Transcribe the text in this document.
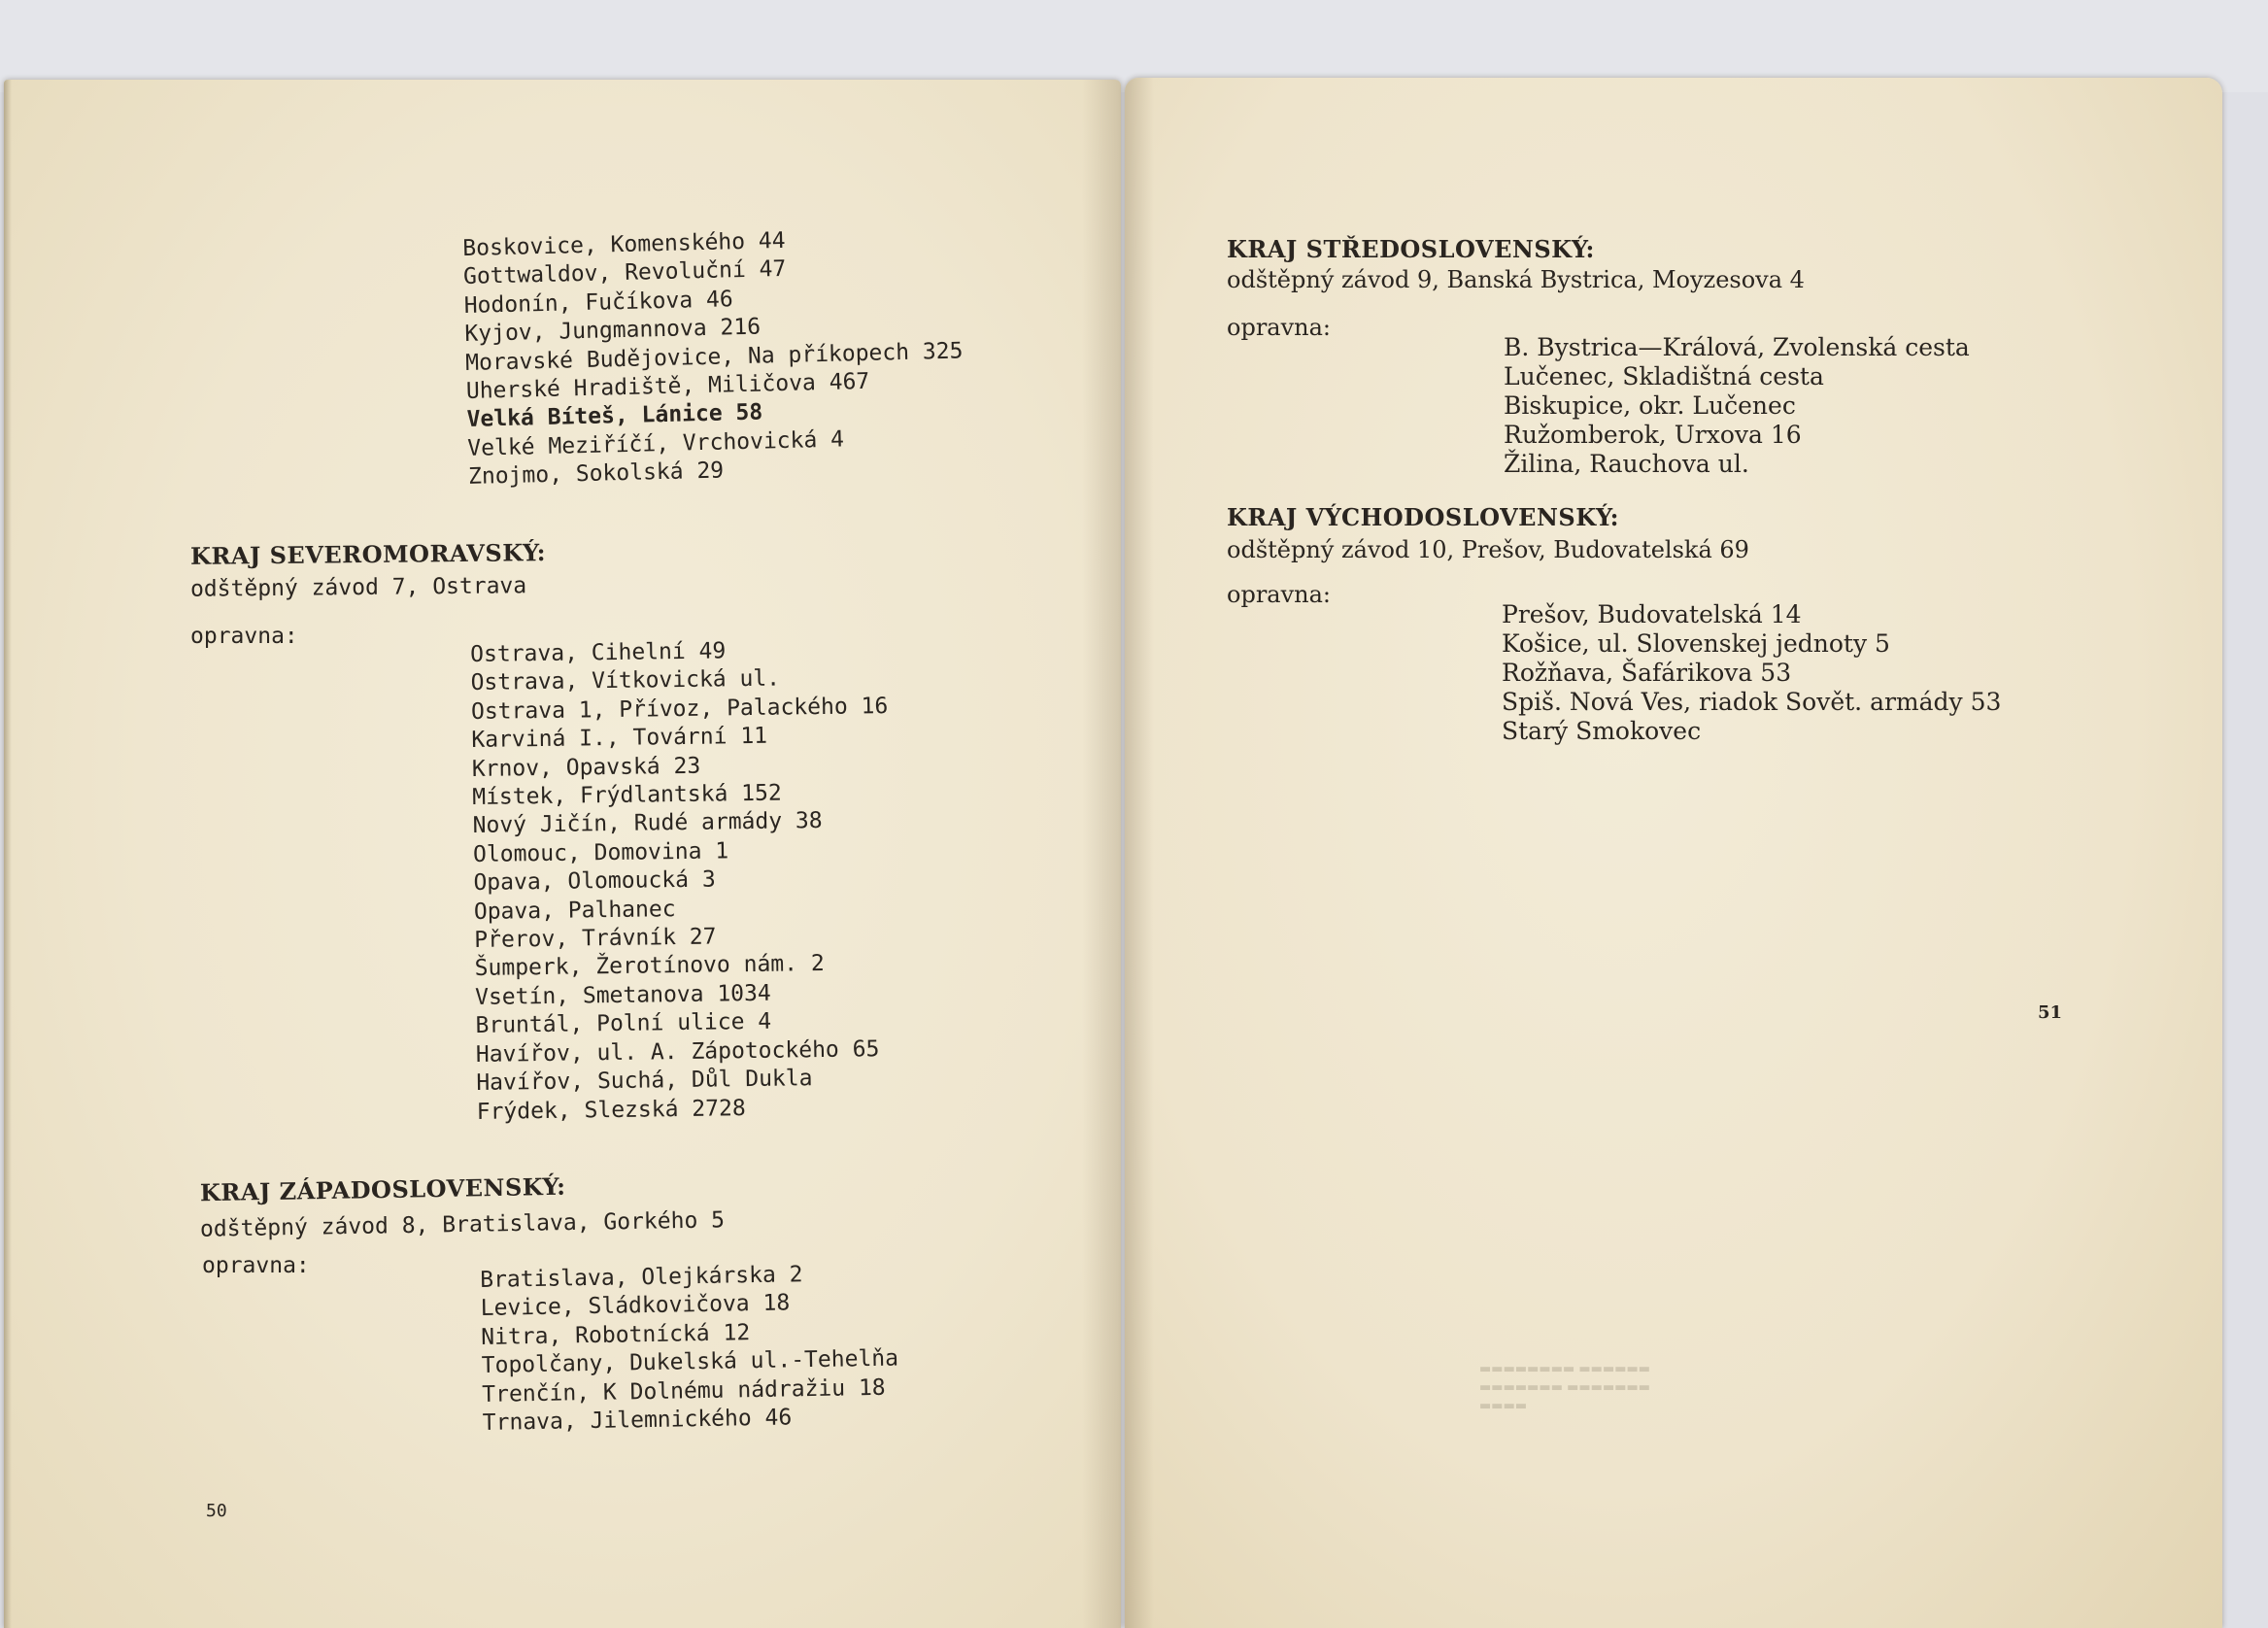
Boskovice, Komenského 44
Gottwaldov, Revoluční 47
Hodonín, Fučíkova 46
Kyjov, Jungmannova 216
Moravské Budějovice, Na příkopech 325
Uherské Hradiště, Miličova 467
Velká Bíteš, Lánice 58
Velké Meziříčí, Vrchovická 4
Znojmo, Sokolská 29
KRAJ SEVEROMORAVSKÝ:
odštěpný závod 7, Ostrava
opravna:
Ostrava, Cihelní 49
Ostrava, Vítkovická ul.
Ostrava 1, Přívoz, Palackého 16
Karviná I., Tovární 11
Krnov, Opavská 23
Místek, Frýdlantská 152
Nový Jičín, Rudé armády 38
Olomouc, Domovina 1
Opava, Olomoucká 3
Opava, Palhanec
Přerov, Trávník 27
Šumperk, Žerotínovo nám. 2
Vsetín, Smetanova 1034
Bruntál, Polní ulice 4
Havířov, ul. A. Zápotockého 65
Havířov, Suchá, Důl Dukla
Frýdek, Slezská 2728
KRAJ ZÁPADOSLOVENSKÝ:
odštěpný závod 8, Bratislava, Gorkého 5
opravna:	Bratislava, Olejkárska 2
Levice, Sládkovičova 18
Nitra, Robotnícká 12
Topolčany, Dukelská ul.-Tehelňa
Trenčín, K Dolnému nádražiu 18
Trnava, Jilemnického 46
50
KRAJ STŘEDOSLOVENSKÝ:
odštěpný závod 9, Banská Bystrica, Moyzesova 4
opravna:
B. Bystrica—Králová, Zvolenská cesta
Lučenec, Skladištná cesta
Biskupice, okr. Lučenec
Ružomberok, Urxova 16
Žilina, Rauchova ul.
KRAJ VÝCHODOSLOVENSKÝ:
odštěpný závod 10, Prešov, Budovatelská 69
opravna:
Prešov, Budovatelská 14
Košice, ul. Slovenskej jednoty 5
Rožňava, Šafárikova 53
Spiš. Nová Ves, riadok Sovět. armády 53
Starý Smokovec
▬▬▬▬▬▬▬▬ ▬▬▬▬▬▬
▬▬▬▬▬▬▬ ▬▬▬▬▬▬▬
▬▬▬▬
51
